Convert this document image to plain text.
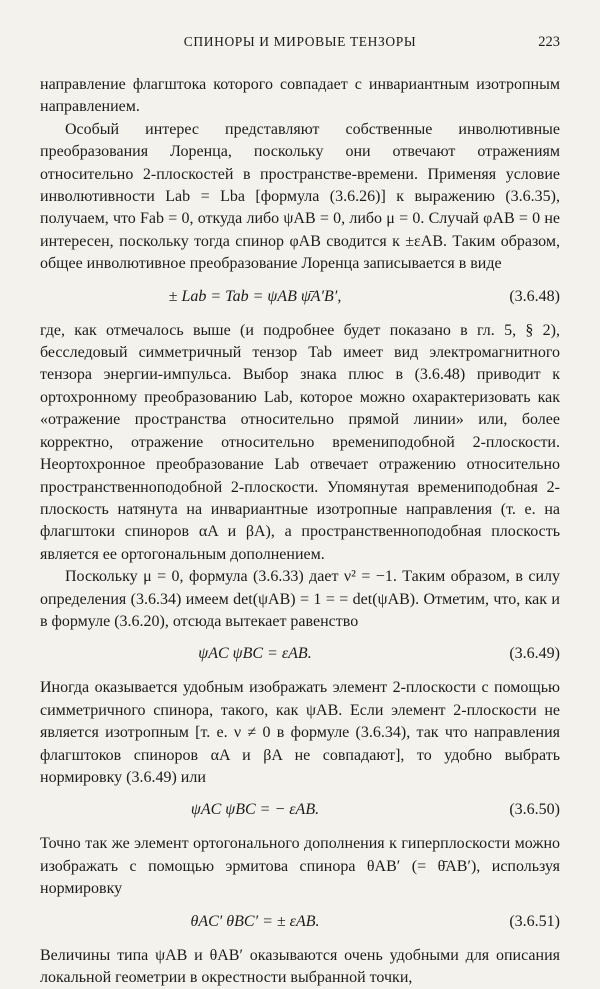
СПИНОРЫ И МИРОВЫЕ ТЕНЗОРЫ	223

направление флагштока которого совпадает с инвариантным изотропным направлением.

Особый интерес представляют собственные инволютивные преобразования Лоренца, поскольку они отвечают отражениям относительно 2-плоскостей в пространстве-времени. Применяя условие инволютивности Lab = Lba [формула (3.6.26)] к выражению (3.6.35), получаем, что Fab = 0, откуда либо ψAB = 0, либо μ = 0. Случай φAB = 0 не интересен, поскольку тогда спинор φAB сводится к ±εAB. Таким образом, общее инволютивное преобразование Лоренца записывается в виде

± Lab = Tab = ψAB ψ̄A′B′,	(3.6.48)

где, как отмечалось выше (и подробнее будет показано в гл. 5, § 2), бесследовый симметричный тензор Tab имеет вид электромагнитного тензора энергии-импульса. Выбор знака плюс в (3.6.48) приводит к ортохронному преобразованию Lab, которое можно охарактеризовать как «отражение пространства относительно прямой линии» или, более корректно, отражение относительно времениподобной 2-плоскости. Неортохронное преобразование Lab отвечает отражению относительно пространственноподобной 2-плоскости. Упомянутая времениподобная 2-плоскость натянута на инвариантные изотропные направления (т. е. на флагштоки спиноров αA и βA), а пространственноподобная плоскость является ее ортогональным дополнением.

Поскольку μ = 0, формула (3.6.33) дает ν² = −1. Таким образом, в силу определения (3.6.34) имеем det(ψAB) = 1 = = det(ψAB). Отметим, что, как и в формуле (3.6.20), отсюда вытекает равенство

ψAC ψBC = εAB.	(3.6.49)

Иногда оказывается удобным изображать элемент 2-плоскости с помощью симметричного спинора, такого, как ψAB. Если элемент 2-плоскости не является изотропным [т. е. ν ≠ 0 в формуле (3.6.34), так что направления флагштоков спиноров αA и βA не совпадают], то удобно выбрать нормировку (3.6.49) или

ψAC ψBC = − εAB.	(3.6.50)

Точно так же элемент ортогонального дополнения к гиперплоскости можно изображать с помощью эрмитова спинора θAB′ (= θ̄AB′), используя нормировку

θAC′ θBC′ = ± εAB.	(3.6.51)

Величины типа ψAB и θAB′ оказываются очень удобными для описания локальной геометрии в окрестности выбранной точки,
